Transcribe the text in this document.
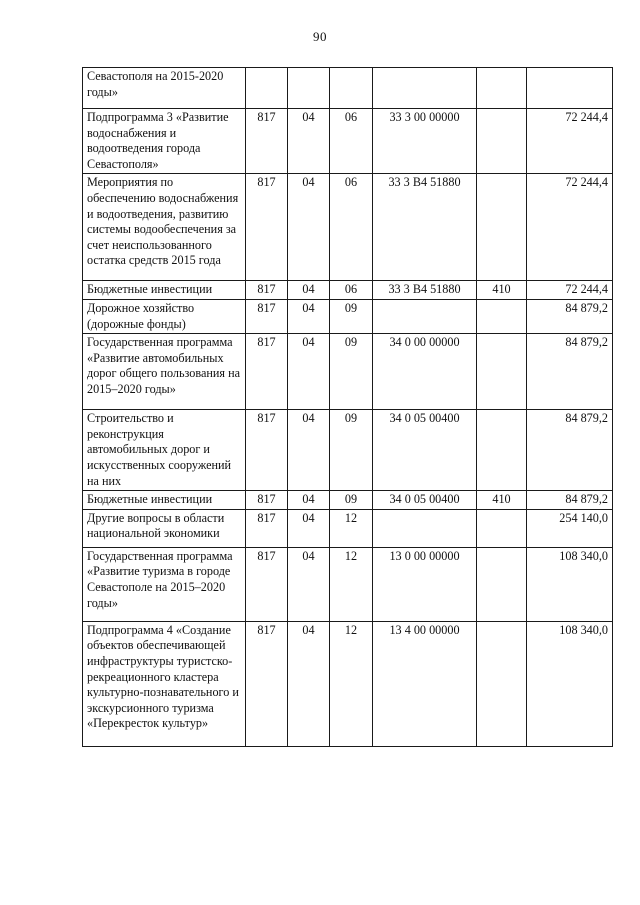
90
Севастополя на 2015-2020 годы»						
Подпрограмма 3 «Развитие водоснабжения и водоотведения города Севастополя»	817	04	06	33 3 00 00000		72 244,4
Мероприятия по обеспечению водоснабжения и водоотведения, развитию системы водообеспечения за счет неиспользованного остатка средств 2015 года	817	04	06	33 3 В4 51880		72 244,4
Бюджетные инвестиции	817	04	06	33 3 В4 51880	410	72 244,4
Дорожное хозяйство (дорожные фонды)	817	04	09			84 879,2
Государственная программа «Развитие автомобильных дорог общего пользования на 2015–2020 годы»	817	04	09	34 0 00 00000		84 879,2
Строительство и реконструкция автомобильных дорог и искусственных сооружений на них	817	04	09	34 0 05 00400		84 879,2
Бюджетные инвестиции	817	04	09	34 0 05 00400	410	84 879,2
Другие вопросы в области национальной экономики	817	04	12			254 140,0
Государственная программа «Развитие туризма в городе Севастополе на 2015–2020 годы»	817	04	12	13 0 00 00000		108 340,0
Подпрограмма 4 «Создание объектов обеспечивающей инфраструктуры туристско-рекреационного кластера культурно-познавательного и экскурсионного туризма «Перекресток культур»	817	04	12	13 4 00 00000		108 340,0
